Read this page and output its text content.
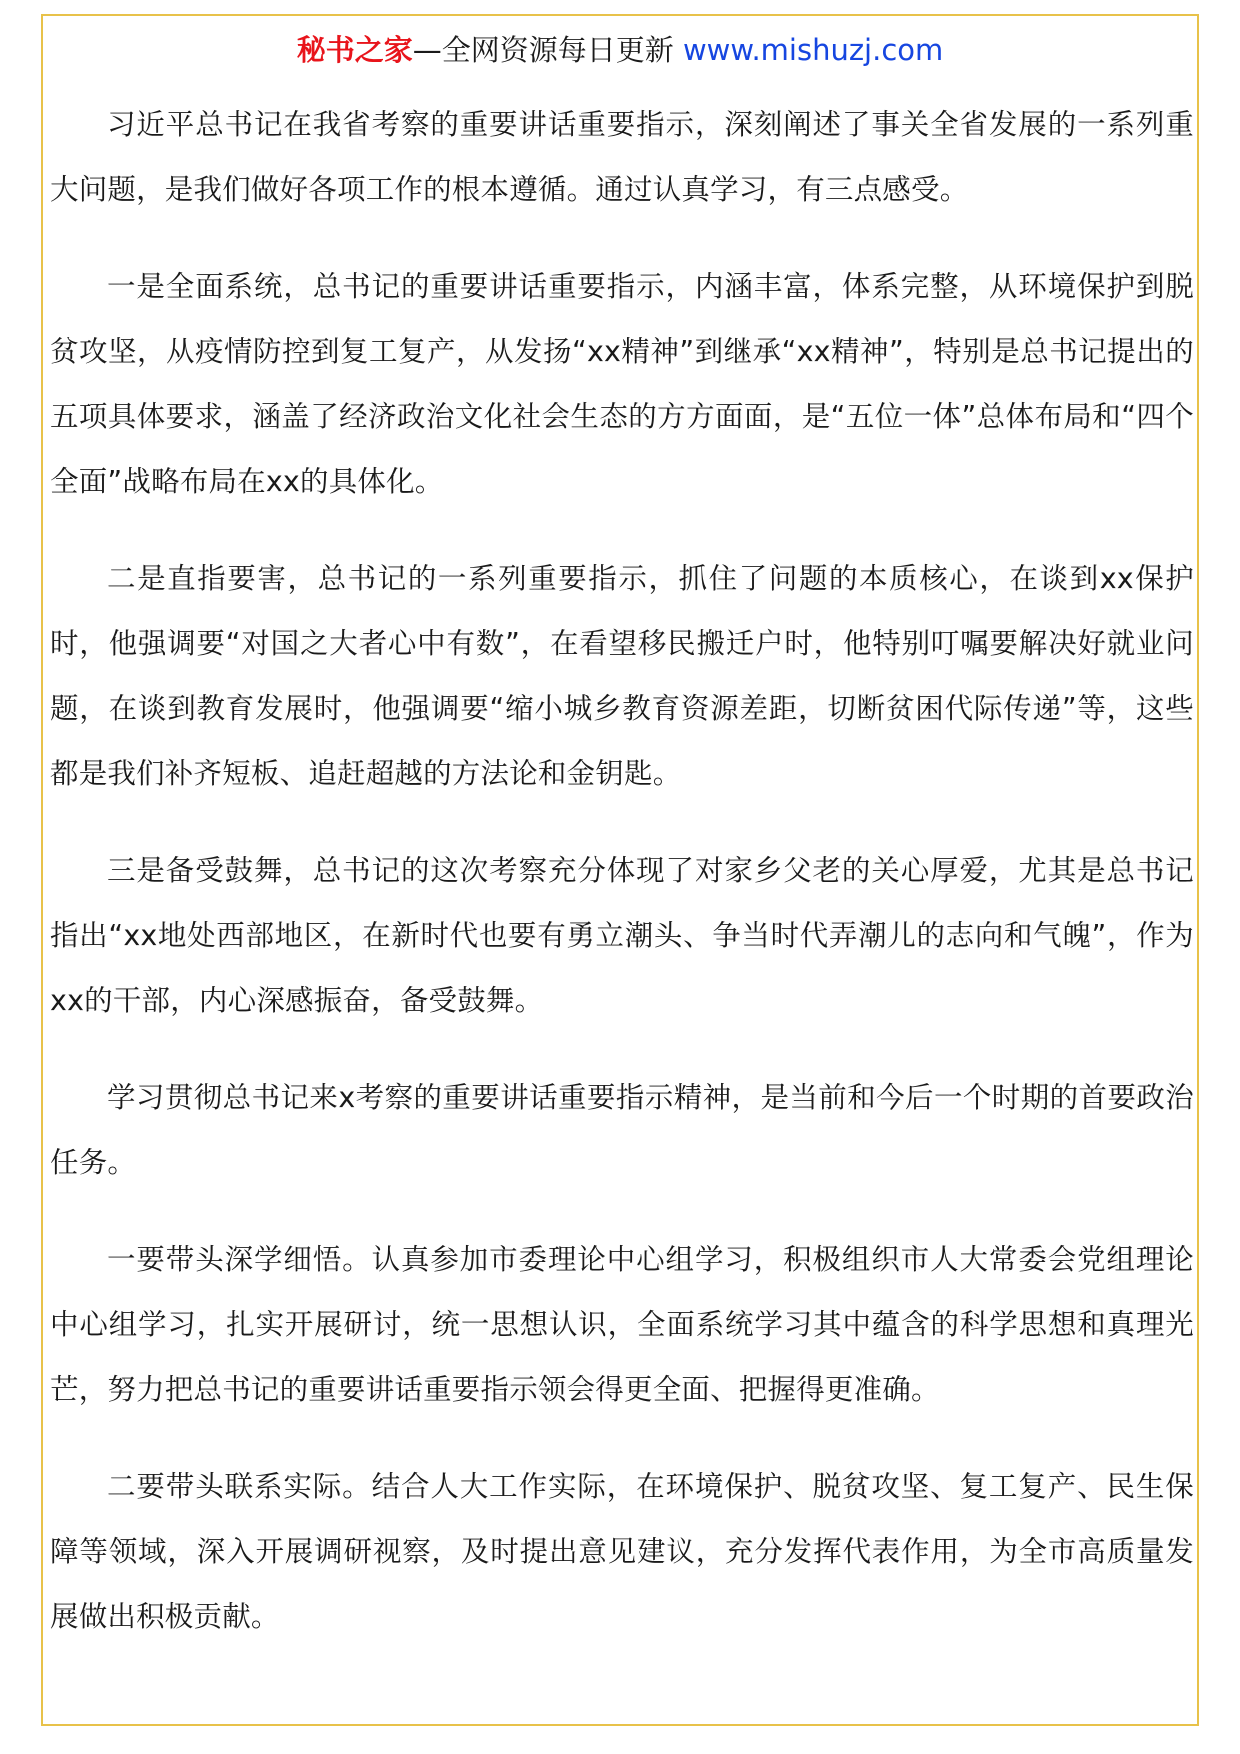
秘书之家—全网资源每日更新 www.mishuzj.com

习近平总书记在我省考察的重要讲话重要指示，深刻阐述了事关全省发展的一系列重大问题，是我们做好各项工作的根本遵循。通过认真学习，有三点感受。

一是全面系统，总书记的重要讲话重要指示，内涵丰富，体系完整，从环境保护到脱贫攻坚，从疫情防控到复工复产，从发扬“xx精神”到继承“xx精神”，特别是总书记提出的五项具体要求，涵盖了经济政治文化社会生态的方方面面，是“五位一体”总体布局和“四个全面”战略布局在xx的具体化。

二是直指要害，总书记的一系列重要指示，抓住了问题的本质核心，在谈到xx保护时，他强调要“对国之大者心中有数”，在看望移民搬迁户时，他特别叮嘱要解决好就业问题，在谈到教育发展时，他强调要“缩小城乡教育资源差距，切断贫困代际传递”等，这些都是我们补齐短板、追赶超越的方法论和金钥匙。

三是备受鼓舞，总书记的这次考察充分体现了对家乡父老的关心厚爱，尤其是总书记指出“xx地处西部地区，在新时代也要有勇立潮头、争当时代弄潮儿的志向和气魄”，作为xx的干部，内心深感振奋，备受鼓舞。

学习贯彻总书记来x考察的重要讲话重要指示精神，是当前和今后一个时期的首要政治任务。

一要带头深学细悟。认真参加市委理论中心组学习，积极组织市人大常委会党组理论中心组学习，扎实开展研讨，统一思想认识，全面系统学习其中蕴含的科学思想和真理光芒，努力把总书记的重要讲话重要指示领会得更全面、把握得更准确。

二要带头联系实际。结合人大工作实际，在环境保护、脱贫攻坚、复工复产、民生保障等领域，深入开展调研视察，及时提出意见建议，充分发挥代表作用，为全市高质量发展做出积极贡献。
